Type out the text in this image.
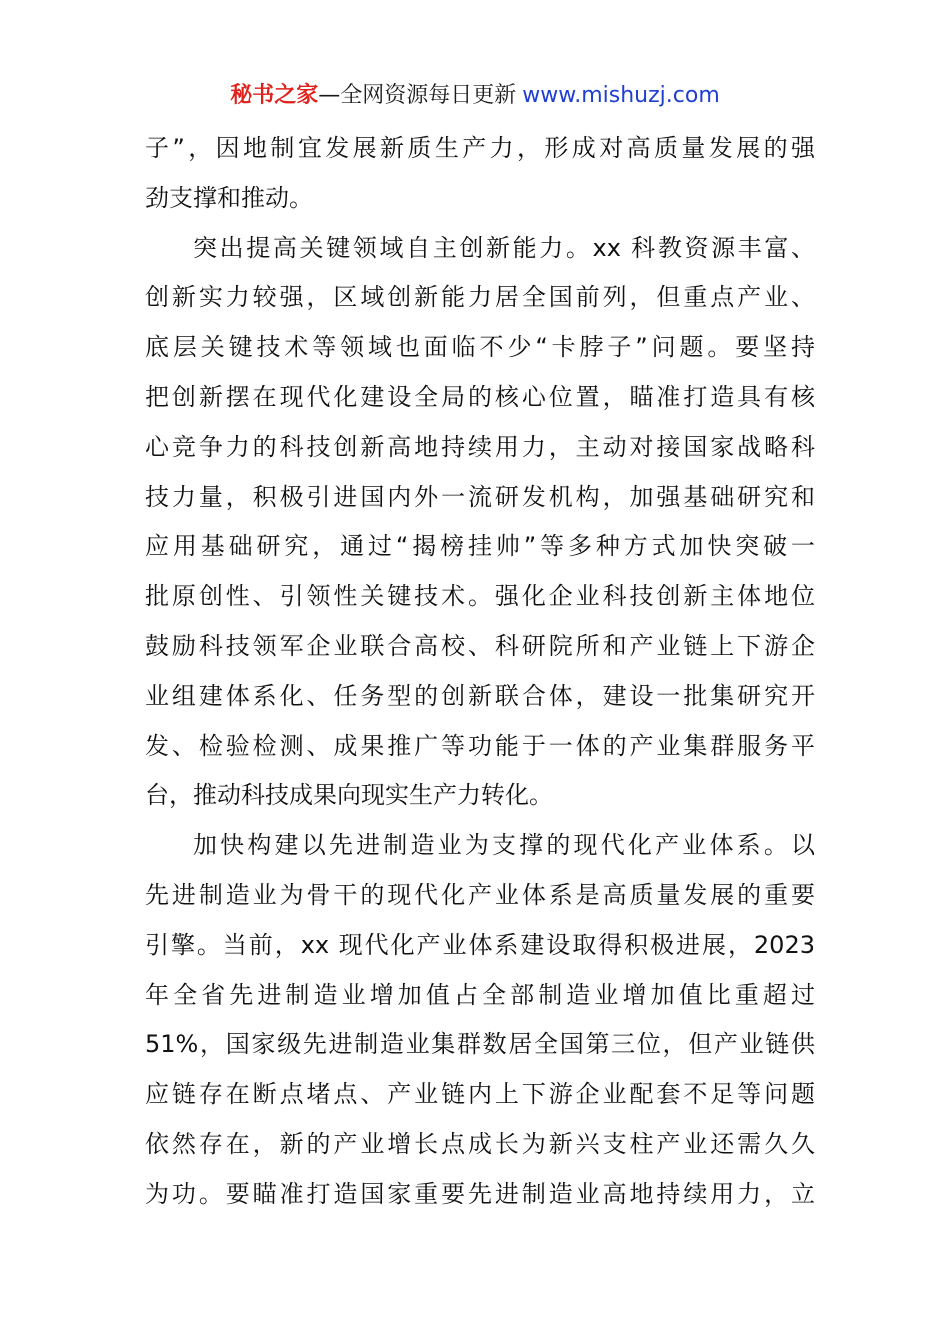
秘书之家—全网资源每日更新 www.mishuzj.com
子”，因地制宜发展新质生产力，形成对高质量发展的强
劲支撑和推动。
突出提高关键领域自主创新能力。xx 科教资源丰富、
创新实力较强，区域创新能力居全国前列，但重点产业、
底层关键技术等领域也面临不少“卡脖子”问题。要坚持
把创新摆在现代化建设全局的核心位置，瞄准打造具有核
心竞争力的科技创新高地持续用力，主动对接国家战略科
技力量，积极引进国内外一流研发机构，加强基础研究和
应用基础研究，通过“揭榜挂帅”等多种方式加快突破一
批原创性、引领性关键技术。强化企业科技创新主体地位
鼓励科技领军企业联合高校、科研院所和产业链上下游企
业组建体系化、任务型的创新联合体，建设一批集研究开
发、检验检测、成果推广等功能于一体的产业集群服务平
台，推动科技成果向现实生产力转化。
加快构建以先进制造业为支撑的现代化产业体系。以
先进制造业为骨干的现代化产业体系是高质量发展的重要
引擎。当前，xx 现代化产业体系建设取得积极进展，2023
年全省先进制造业增加值占全部制造业增加值比重超过
51%，国家级先进制造业集群数居全国第三位，但产业链供
应链存在断点堵点、产业链内上下游企业配套不足等问题
依然存在，新的产业增长点成长为新兴支柱产业还需久久
为功。要瞄准打造国家重要先进制造业高地持续用力，立
